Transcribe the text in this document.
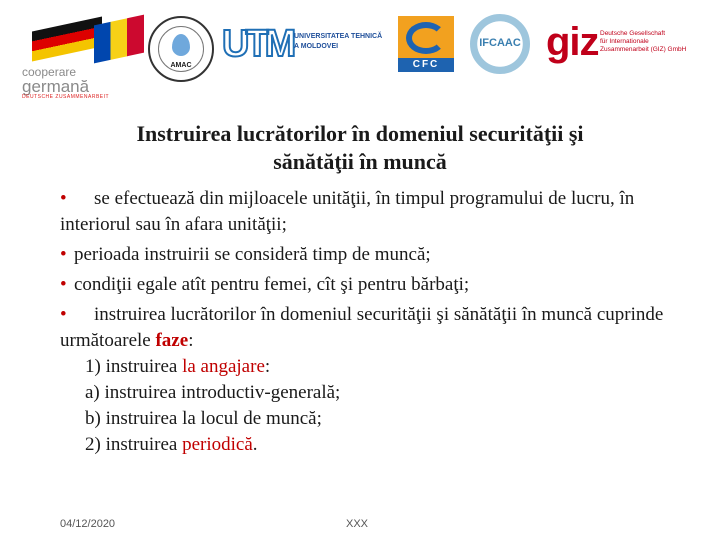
cooperare
germană
DEUTSCHE ZUSAMMENARBEIT
AMAC
UTM UNIVERSITATEA TEHNICĂ
A MOLDOVEI
CFC
IFCAAC giz Deutsche Gesellschaft
für Internationale
Zusammenarbeit (GIZ) GmbH
Instruirea lucrătorilor în domeniul securităţii şi
sănătăţii în muncă

• se efectuează din mijloacele unităţii, în timpul programului de lucru, în interiorul sau în afara unităţii;

• perioada instruirii se consideră timp de muncă;

• condiţii egale atît pentru femei, cît şi pentru bărbaţi;

• instruirea lucrătorilor în domeniul securităţii şi sănătăţii în muncă cuprinde următoarele faze:

1) instruirea la angajare:

a) instruirea introductiv-generală;

b) instruirea la locul de muncă;

2) instruirea periodică.

04/12/2020	XXX
